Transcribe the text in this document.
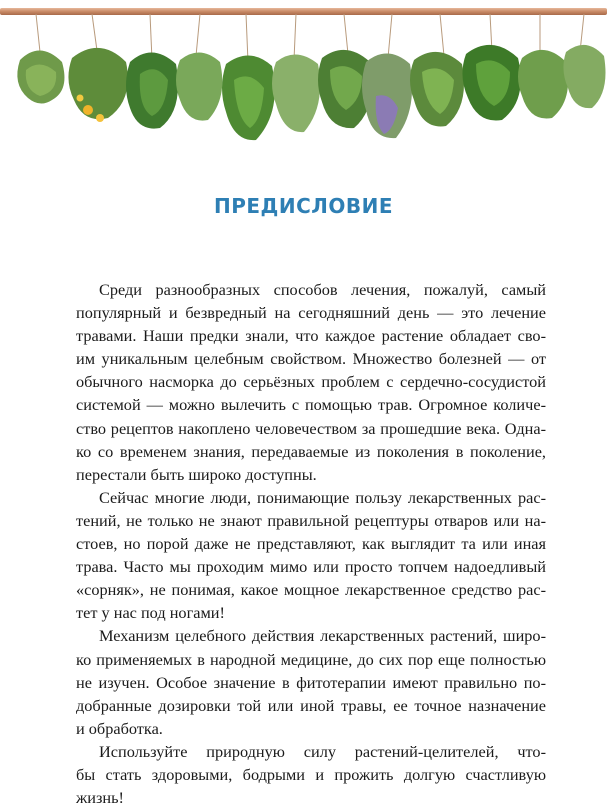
ПРЕДИСЛОВИЕ

Среди разнообразных способов лечения, пожалуй, самый
популярный и безвредный на сегодняшний день — это лечение
травами. Наши предки знали, что каждое растение обладает сво-
им уникальным целебным свойством. Множество болезней — от
обычного насморка до серьёзных проблем с сердечно-сосудистой
системой — можно вылечить с помощью трав. Огромное количе-
ство рецептов накоплено человечеством за прошедшие века. Одна-
ко со временем знания, передаваемые из поколения в поколение,
перестали быть широко доступны.

Сейчас многие люди, понимающие пользу лекарственных рас-
тений, не только не знают правильной рецептуры отваров или на-
стоев, но порой даже не представляют, как выглядит та или иная
трава. Часто мы проходим мимо или просто топчем надоедливый
«сорняк», не понимая, какое мощное лекарственное средство рас-
тет у нас под ногами!

Механизм целебного действия лекарственных растений, широ-
ко применяемых в народной медицине, до сих пор еще полностью
не изучен. Особое значение в фитотерапии имеют правильно по-
добранные дозировки той или иной травы, ее точное назначение
и обработка.

Используйте природную силу растений-целителей, что-
бы стать здоровыми, бодрыми и прожить долгую счастливую
жизнь!
